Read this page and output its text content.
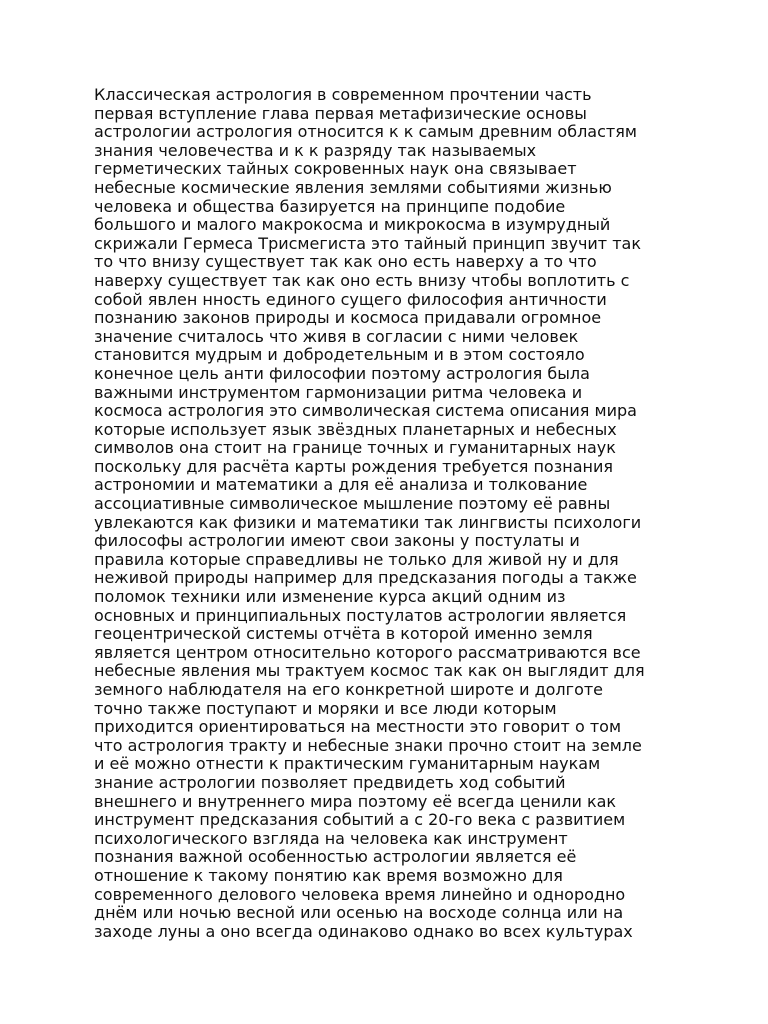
Классическая астрология в современном прочтении часть
первая вступление глава первая метафизические основы
астрологии астрология относится к к самым древним областям
знания человечества и к к разряду так называемых
герметических тайных сокровенных наук она связывает
небесные космические явления землями событиями жизнью
человека и общества базируется на принципе подобие
большого и малого макрокосма и микрокосма в изумрудный
скрижали Гермеса Трисмегиста это тайный принцип звучит так
то что внизу существует так как оно есть наверху а то что
наверху существует так как оно есть внизу чтобы воплотить с
собой явлен нность единого сущего философия античности
познанию законов природы и космоса придавали огромное
значение считалось что живя в согласии с ними человек
становится мудрым и добродетельным и в этом состояло
конечное цель анти философии поэтому астрология была
важными инструментом гармонизации ритма человека и
космоса астрология это символическая система описания мира
которые использует язык звёздных планетарных и небесных
символов она стоит на границе точных и гуманитарных наук
поскольку для расчёта карты рождения требуется познания
астрономии и математики а для её анализа и толкование
ассоциативные символическое мышление поэтому её равны
увлекаются как физики и математики так лингвисты психологи
философы астрологии имеют свои законы у постулаты и
правила которые справедливы не только для живой ну и для
неживой природы например для предсказания погоды а также
поломок техники или изменение курса акций одним из
основных и принципиальных постулатов астрологии является
геоцентрической системы отчёта в которой именно земля
является центром относительно которого рассматриваются все
небесные явления мы трактуем космос так как он выглядит для
земного наблюдателя на его конкретной широте и долготе
точно также поступают и моряки и все люди которым
приходится ориентироваться на местности это говорит о том
что астрология тракту и небесные знаки прочно стоит на земле
и её можно отнести к практическим гуманитарным наукам
знание астрологии позволяет предвидеть ход событий
внешнего и внутреннего мира поэтому её всегда ценили как
инструмент предсказания событий а с 20-го века с развитием
психологического взгляда на человека как инструмент
познания важной особенностью астрологии является её
отношение к такому понятию как время возможно для
современного делового человека время линейно и однородно
днём или ночью весной или осенью на восходе солнца или на
заходе луны а оно всегда одинаково однако во всех культурах
